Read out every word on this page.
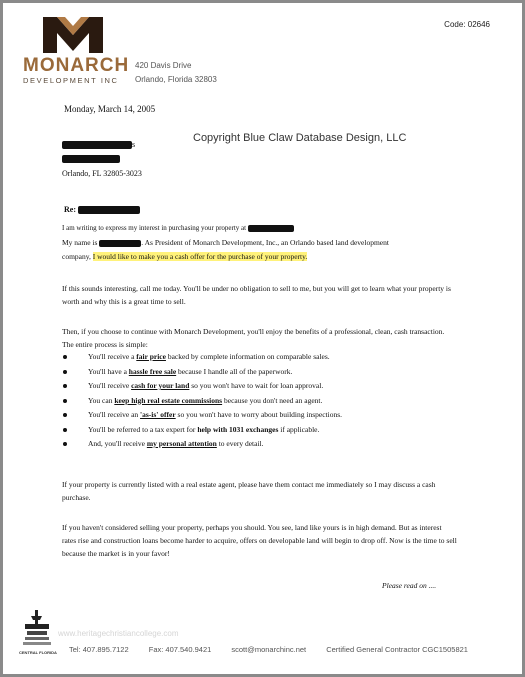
MONARCH
DEVELOPMENT INC
420 Davis Drive
Orlando, Florida 32803
Code: 02646
Monday, March 14, 2005
Copyright Blue Claw Database Design, LLC
s
Orlando, FL 32805-3023
Re:
I am writing to express my interest in purchasing your property at
My name is	. As President of Monarch Development, Inc., an Orlando based land development
company, I would like to make you a cash offer for the purchase of your property.
If this sounds interesting, call me today. You'll be under no obligation to sell to me, but you will get to learn what your property is worth and why this is a great time to sell.
Then, if you choose to continue with Monarch Development, you'll enjoy the benefits of a professional, clean, cash transaction. The entire process is simple:
You'll receive a fair price backed by complete information on comparable sales.
You'll have a hassle free sale because I handle all of the paperwork.
You'll receive cash for your land so you won't have to wait for loan approval.
You can keep high real estate commissions because you don't need an agent.
You'll receive an 'as-is' offer so you won't have to worry about building inspections.
You'll be referred to a tax expert for help with 1031 exchanges if applicable.
And, you'll receive my personal attention to every detail.
If your property is currently listed with a real estate agent, please have them contact me immediately so I may discuss a cash purchase.
If you haven't considered selling your property, perhaps you should. You see, land like yours is in high demand. But as interest rates rise and construction loans become harder to acquire, offers on developable land will begin to drop off. Now is the time to sell because the market is in your favor!
Please read on ....
CENTRAL FLORIDA
www.heritagechristiancollege.com
Tel: 407.895.7122	Fax: 407.540.9421	scott@monarchinc.net	Certified General Contractor CGC1505821
